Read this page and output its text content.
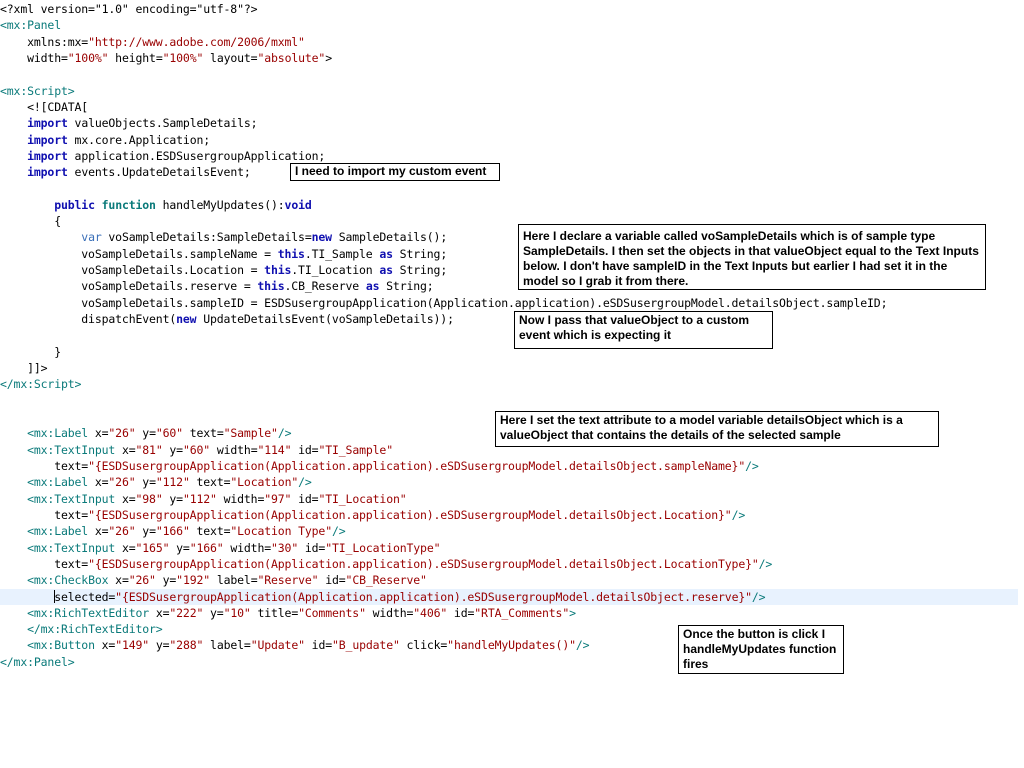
<?xml version="1.0" encoding="utf-8"?>
<mx:Panel
xmlns:mx="http://www.adobe.com/2006/mxml"
width="100%" height="100%" layout="absolute">
<mx:Script>
<![CDATA[
import valueObjects.SampleDetails;
import mx.core.Application;
import application.ESDSusergroupApplication;
import events.UpdateDetailsEvent;
public function handleMyUpdates():void
{
var voSampleDetails:SampleDetails=new SampleDetails();
voSampleDetails.sampleName = this.TI_Sample as String;
voSampleDetails.Location = this.TI_Location as String;
voSampleDetails.reserve = this.CB_Reserve as String;
voSampleDetails.sampleID = ESDSusergroupApplication(Application.application).eSDSusergroupModel.detailsObject.sampleID;
dispatchEvent(new UpdateDetailsEvent(voSampleDetails));
}
]]>
</mx:Script>
<mx:Label x="26" y="60" text="Sample"/>
<mx:TextInput x="81" y="60" width="114" id="TI_Sample"
text="{ESDSusergroupApplication(Application.application).eSDSusergroupModel.detailsObject.sampleName}"/>
<mx:Label x="26" y="112" text="Location"/>
<mx:TextInput x="98" y="112" width="97" id="TI_Location"
text="{ESDSusergroupApplication(Application.application).eSDSusergroupModel.detailsObject.Location}"/>
<mx:Label x="26" y="166" text="Location Type"/>
<mx:TextInput x="165" y="166" width="30" id="TI_LocationType"
text="{ESDSusergroupApplication(Application.application).eSDSusergroupModel.detailsObject.LocationType}"/>
<mx:CheckBox x="26" y="192" label="Reserve" id="CB_Reserve"
selected="{ESDSusergroupApplication(Application.application).eSDSusergroupModel.detailsObject.reserve}"/>
<mx:RichTextEditor x="222" y="10" title="Comments" width="406" id="RTA_Comments">
</mx:RichTextEditor>
<mx:Button x="149" y="288" label="Update" id="B_update" click="handleMyUpdates()"/>
</mx:Panel>
I need to import my custom event
Here I declare a variable called voSampleDetails which is of sample type SampleDetails. I then set the objects in that valueObject equal to the Text Inputs below. I don't have sampleID in the Text Inputs but earlier I had set it in the model so I grab it from there.
Now I pass that valueObject to a custom event which is expecting it
Here I set the text attribute to a model variable detailsObject which is a valueObject that contains the details of the selected sample
Once the button is click I handleMyUpdates function fires
